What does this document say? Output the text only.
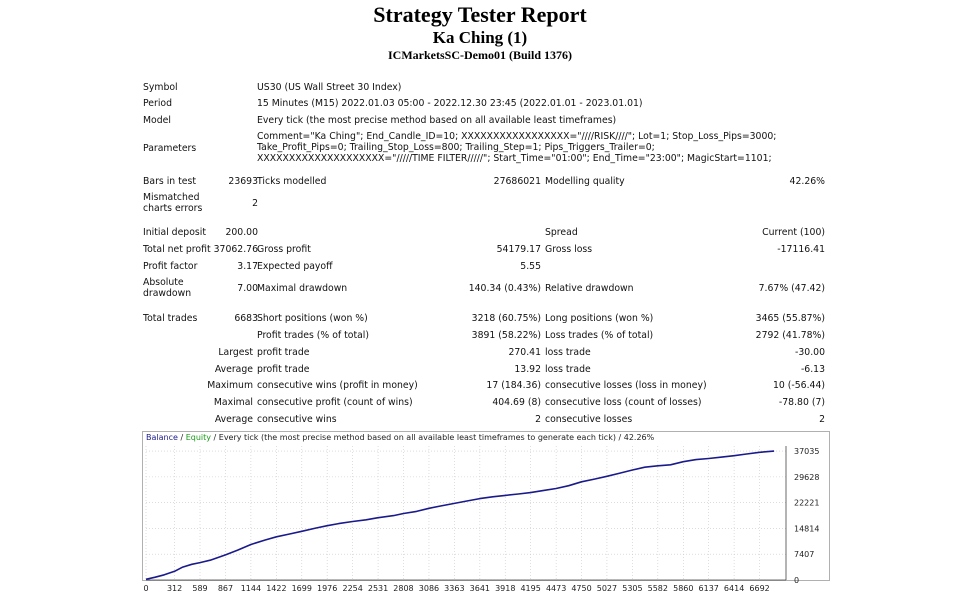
Strategy Tester Report
Ka Ching (1)
ICMarketsSC-Demo01 (Build 1376)
Symbol	US30 (US Wall Street 30 Index)
Period	15 Minutes (M15) 2022.01.03 05:00 - 2022.12.30 23:45 (2022.01.01 - 2023.01.01)
Model	Every tick (the most precise method based on all available least timeframes)
Parameters
Comment="Ka Ching"; End_Candle_ID=10; XXXXXXXXXXXXXXXXX="////RISK////"; Lot=1; Stop_Loss_Pips=3000; Take_Profit_Pips=0; Trailing_Stop_Loss=800; Trailing_Step=1; Pips_Triggers_Trailer=0; XXXXXXXXXXXXXXXXXXXX="/////TIME FILTER/////"; Start_Time="01:00"; End_Time="23:00"; MagicStart=1101;
Bars in test	23693 Ticks modelled	27686021 Modelling quality	42.26%
Mismatched charts errors	2
Initial deposit 200.00	Spread	Current (100)
Total net profit 37062.76 Gross profit	54179.17 Gross loss	-17116.41
Profit factor	3.17 Expected payoff	5.55
Absolute drawdown	7.00 Maximal drawdown	140.34 (0.43%) Relative drawdown	7.67% (47.42)
Total trades	6683 Short positions (won %)	3218 (60.75%) Long positions (won %)	3465 (55.87%)
Profit trades (% of total)	3891 (58.22%) Loss trades (% of total)	2792 (41.78%)
Largest profit trade	270.41 loss trade	-30.00
Average profit trade	13.92 loss trade	-6.13
Maximum consecutive wins (profit in money)	17 (184.36) consecutive losses (loss in money)	10 (-56.44)
Maximal consecutive profit (count of wins)	404.69 (8) consecutive loss (count of losses)	-78.80 (7)
Average consecutive wins	2 consecutive losses	2
0 312 589 867 1144 1422 1699 1976 2254 2531 2808 3086 3363 3641 3918 4195 4473 4750 5027 5305 5582 5860 6137 6414 6692
0
7407
14814
22221
29628
37035
Balance / Equity / Every tick (the most precise method based on all available least timeframes to generate each tick) / 42.26%
